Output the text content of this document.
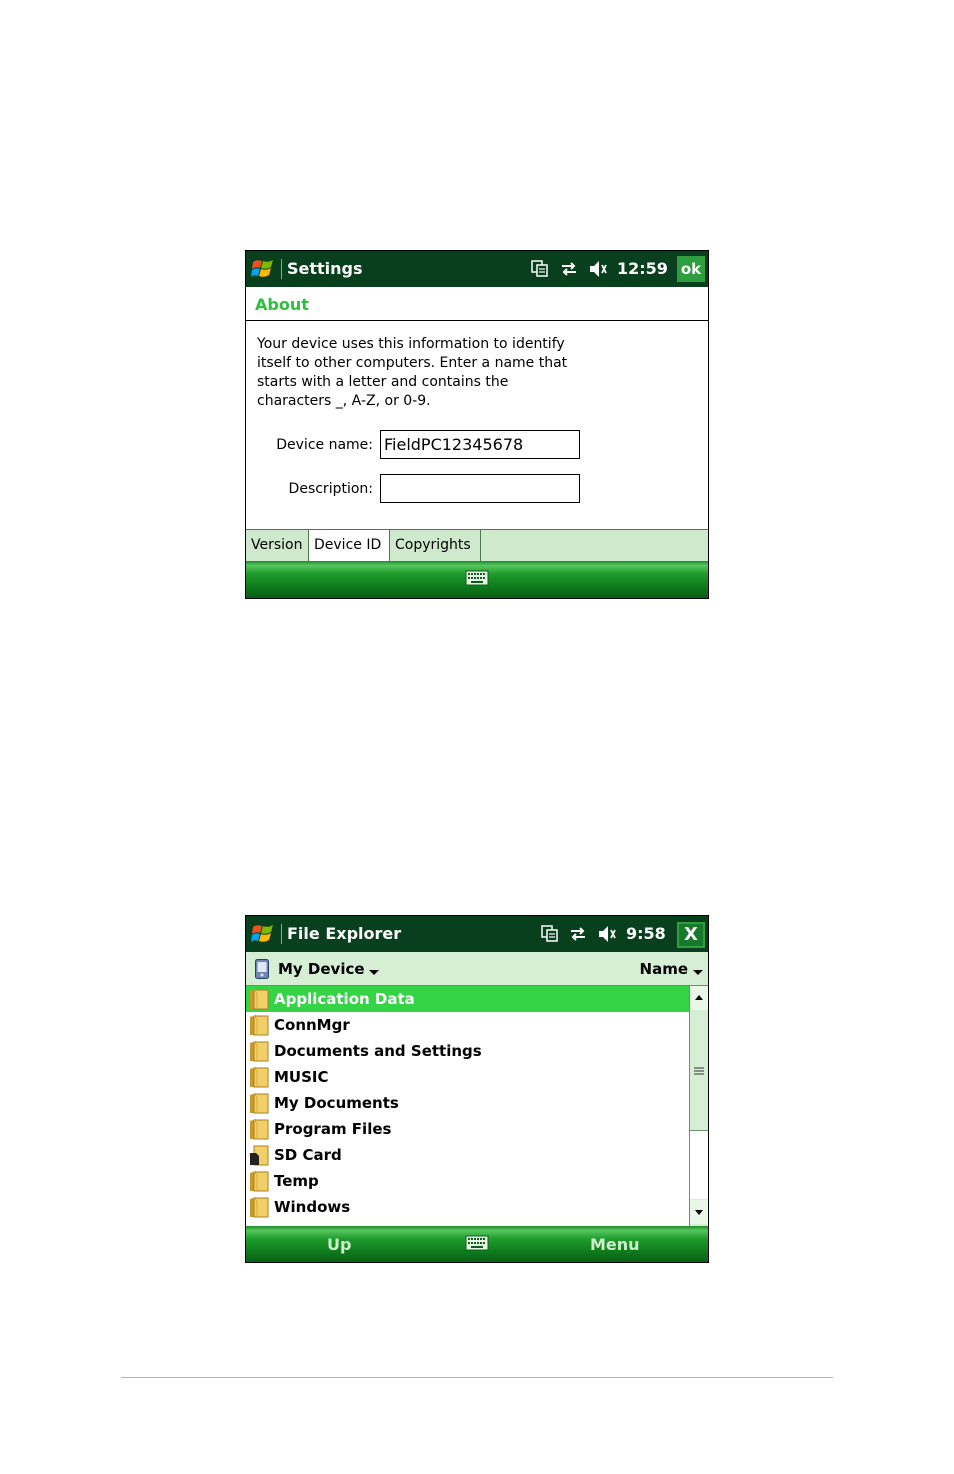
Settings	12:59 ok
About
Your device uses this information to identify
itself to other computers. Enter a name that
starts with a letter and contains the
characters _, A-Z, or 0-9.
Device name: FieldPC12345678
Description:
Version Device ID Copyrights
File Explorer	9:58	X
My Device	Name
Application Data
ConnMgr
Documents and Settings
MUSIC
My Documents
Program Files
SD Card
Temp
Windows
Up	Menu
